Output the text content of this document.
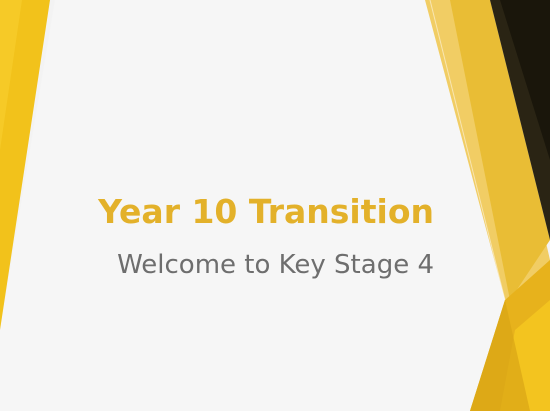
Year 10 Transition
Welcome to Key Stage 4
